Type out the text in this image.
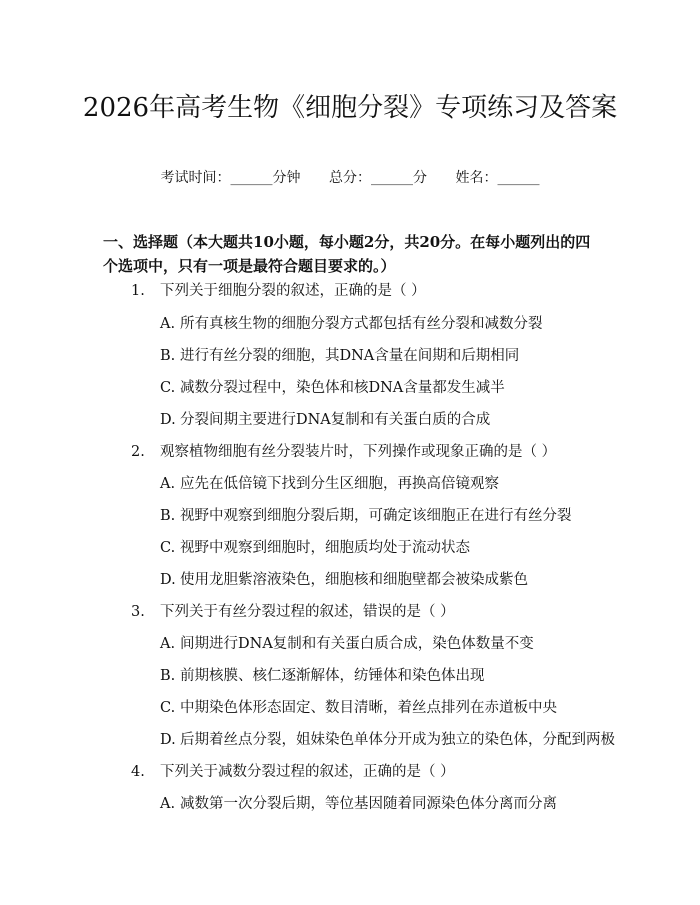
2026年高考生物《细胞分裂》专项练习及答案
考试时间：______分钟 总分：______分 姓名：______
一、选择题（本大题共10小题，每小题2分，共20分。在每小题列出的四个选项中，只有一项是最符合题目要求的。）
1. 下列关于细胞分裂的叙述，正确的是（ ）
A. 所有真核生物的细胞分裂方式都包括有丝分裂和减数分裂
B. 进行有丝分裂的细胞，其DNA含量在间期和后期相同
C. 减数分裂过程中，染色体和核DNA含量都发生减半
D. 分裂间期主要进行DNA复制和有关蛋白质的合成
2. 观察植物细胞有丝分裂装片时，下列操作或现象正确的是（ ）
A. 应先在低倍镜下找到分生区细胞，再换高倍镜观察
B. 视野中观察到细胞分裂后期，可确定该细胞正在进行有丝分裂
C. 视野中观察到细胞时，细胞质均处于流动状态
D. 使用龙胆紫溶液染色，细胞核和细胞壁都会被染成紫色
3. 下列关于有丝分裂过程的叙述，错误的是（ ）
A. 间期进行DNA复制和有关蛋白质合成，染色体数量不变
B. 前期核膜、核仁逐渐解体，纺锤体和染色体出现
C. 中期染色体形态固定、数目清晰，着丝点排列在赤道板中央
D. 后期着丝点分裂，姐妹染色单体分开成为独立的染色体，分配到两极
4. 下列关于减数分裂过程的叙述，正确的是（ ）
A. 减数第一次分裂后期，等位基因随着同源染色体分离而分离
